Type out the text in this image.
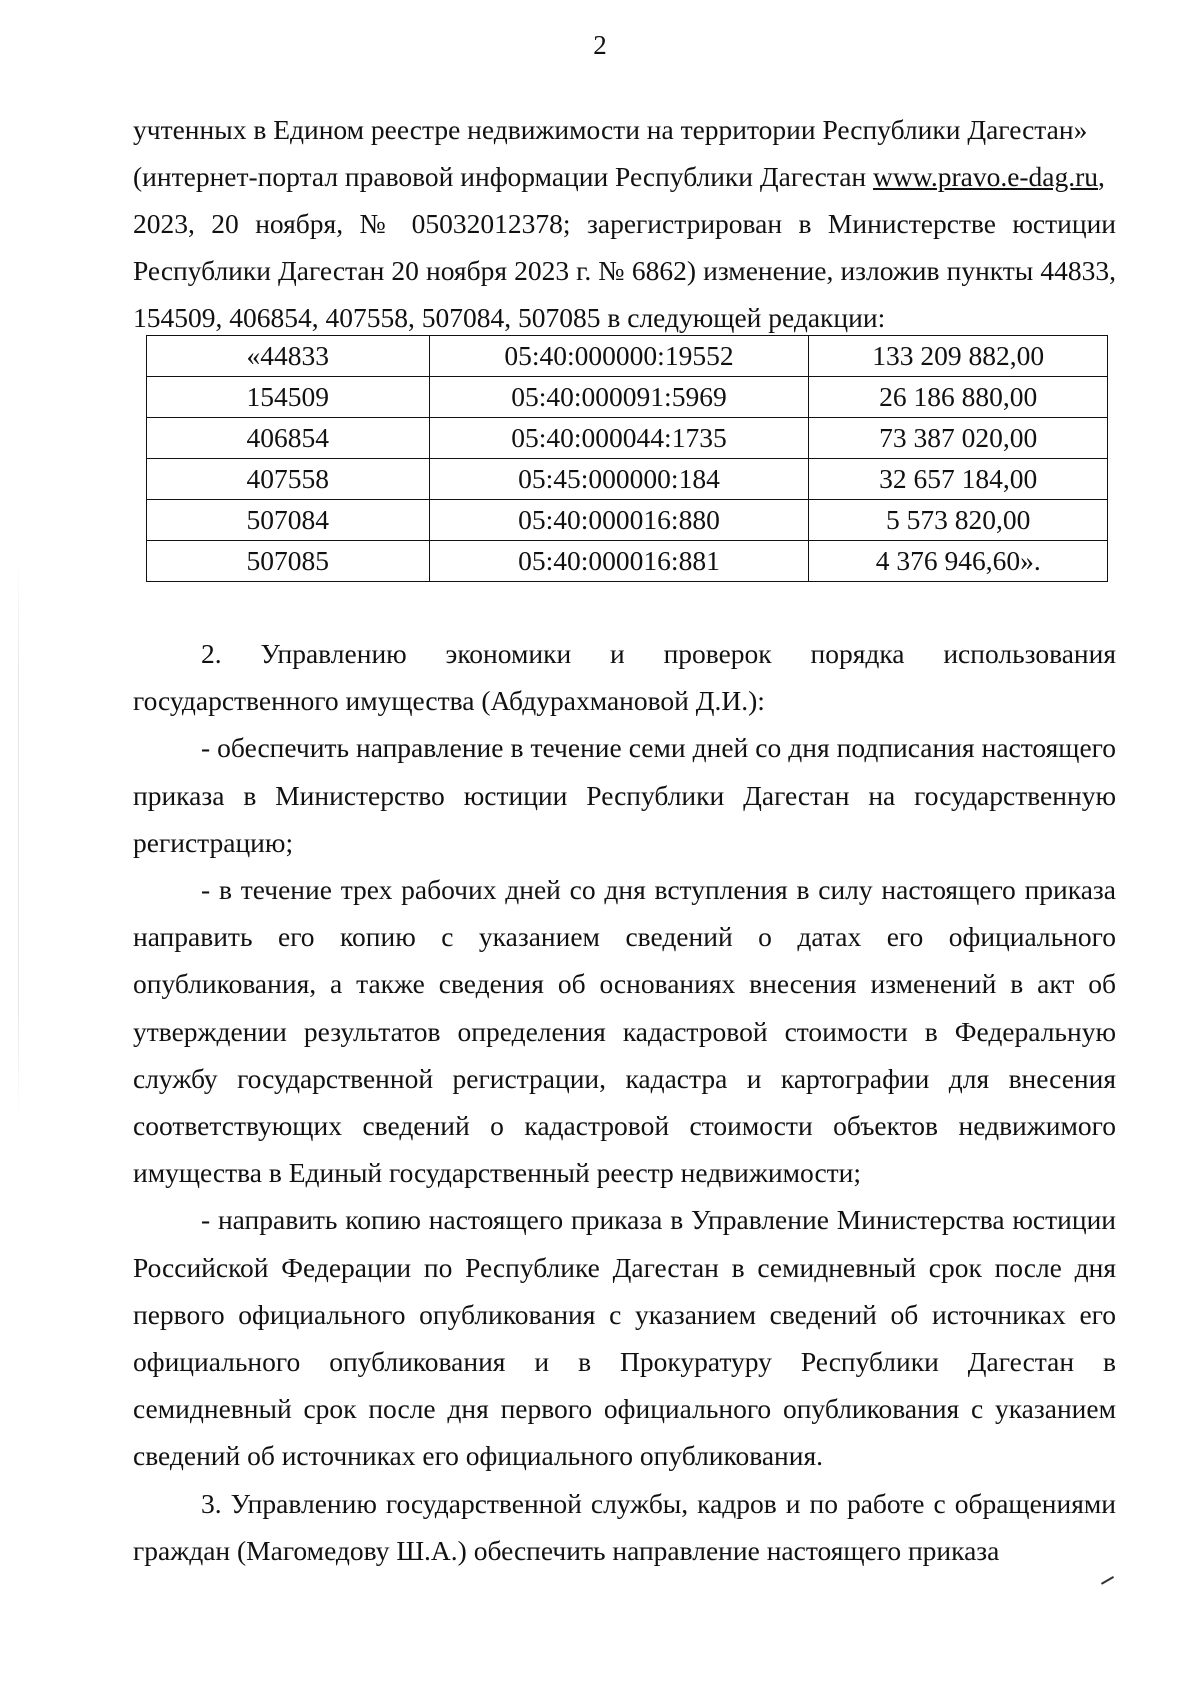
2

учтенных в Едином реестре недвижимости на территории Республики Дагестан»

(интернет-портал правовой информации Республики Дагестан www.pravo.e-dag.ru,

2023, 20 ноября, № 05032012378; зарегистрирован в Министерстве юстиции Республики Дагестан 20 ноября 2023 г. № 6862) изменение, изложив пункты 44833, 154509, 406854, 407558, 507084, 507085 в следующей редакции:

«44833	05:40:000000:19552	133 209 882,00
154509	05:40:000091:5969	26 186 880,00
406854	05:40:000044:1735	73 387 020,00
407558	05:45:000000:184	32 657 184,00
507084	05:40:000016:880	5 573 820,00
507085	05:40:000016:881	4 376 946,60».

2. Управлению экономики и проверок порядка использования государственного имущества (Абдурахмановой Д.И.):

- обеспечить направление в течение семи дней со дня подписания настоящего приказа в Министерство юстиции Республики Дагестан на государственную регистрацию;

- в течение трех рабочих дней со дня вступления в силу настоящего приказа направить его копию с указанием сведений о датах его официального опубликования, а также сведения об основаниях внесения изменений в акт об утверждении результатов определения кадастровой стоимости в Федеральную службу государственной регистрации, кадастра и картографии для внесения соответствующих сведений о кадастровой стоимости объектов недвижимого имущества в Единый государственный реестр недвижимости;

- направить копию настоящего приказа в Управление Министерства юстиции Российской Федерации по Республике Дагестан в семидневный срок после дня первого официального опубликования с указанием сведений об источниках его официального опубликования и в Прокуратуру Республики Дагестан в семидневный срок после дня первого официального опубликования с указанием сведений об источниках его официального опубликования.

3. Управлению государственной службы, кадров и по работе с обращениями граждан (Магомедову Ш.А.) обеспечить направление настоящего приказа
